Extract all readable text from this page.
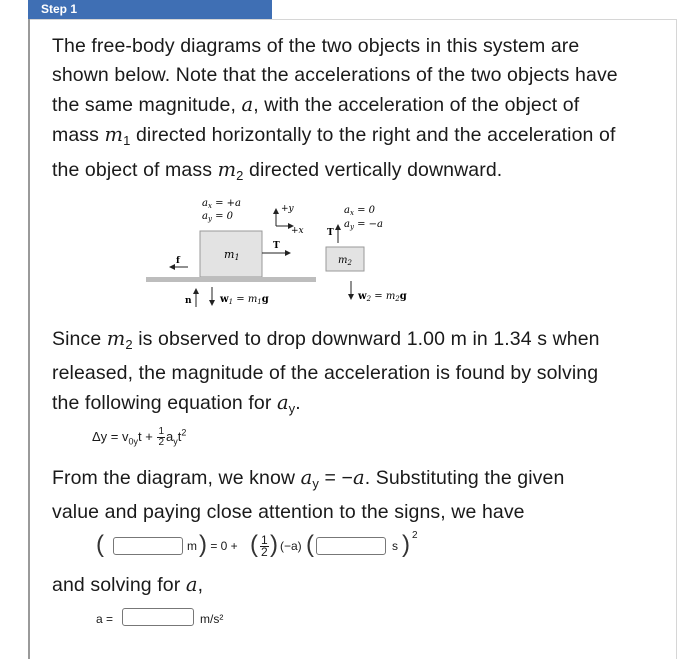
Step 1
The free-body diagrams of the two objects in this system are
shown below. Note that the accelerations of the two objects have
the same magnitude, a, with the acceleration of the object of
mass $m_1$ directed horizontally to the right and the acceleration of
the object of mass $m_2$ directed vertically downward.
$a_x = +a$
$a_y = 0$
+y
+x
$a_x = 0$
$a_y = -a$
T
m1
T
f	$m_2$
n	$w_1 = m_1g$	$w_2 = m_2g$
Since $m_2$ is observed to drop downward 1.00 m in 1.34 s when
released, the magnitude of the acceleration is found by solving
the following equation for $a_y$.
$\Delta y = v_{0y}t + \frac{1}{2} a_yt^2$
From the diagram, we know $a_y = -a$. Substituting the given
value and paying close attention to the signs, we have
(	m ) = 0 + ( $\frac{1}{2}$ ) (−a) (	s ) 2
and solving for a,
a =	m/s²
